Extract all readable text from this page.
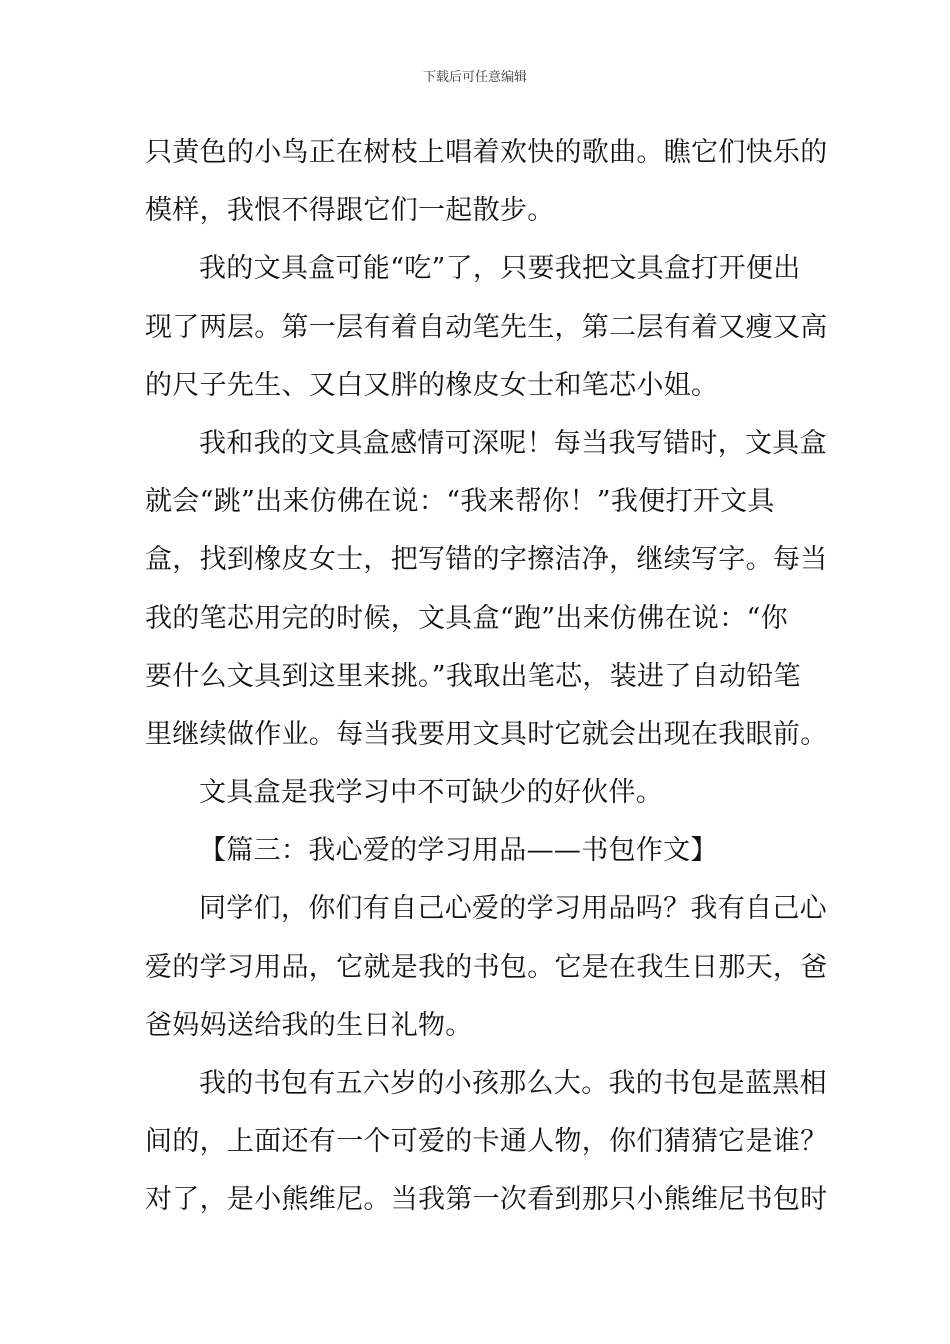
下载后可任意编辑
只黄色的小鸟正在树枝上唱着欢快的歌曲。瞧它们快乐的
模样，我恨不得跟它们一起散步。
我的文具盒可能“吃”了，只要我把文具盒打开便出
现了两层。第一层有着自动笔先生，第二层有着又瘦又高
的尺子先生、又白又胖的橡皮女士和笔芯小姐。
我和我的文具盒感情可深呢！每当我写错时，文具盒
就会“跳”出来仿佛在说：“我来帮你！”我便打开文具
盒，找到橡皮女士，把写错的字擦洁净，继续写字。每当
我的笔芯用完的时候，文具盒“跑”出来仿佛在说：“你
要什么文具到这里来挑。”我取出笔芯，装进了自动铅笔
里继续做作业。每当我要用文具时它就会出现在我眼前。
文具盒是我学习中不可缺少的好伙伴。
【篇三：我心爱的学习用品——书包作文】
同学们，你们有自己心爱的学习用品吗？我有自己心
爱的学习用品，它就是我的书包。它是在我生日那天，爸
爸妈妈送给我的生日礼物。
我的书包有五六岁的小孩那么大。我的书包是蓝黑相
间的，上面还有一个可爱的卡通人物，你们猜猜它是谁？
对了，是小熊维尼。当我第一次看到那只小熊维尼书包时
